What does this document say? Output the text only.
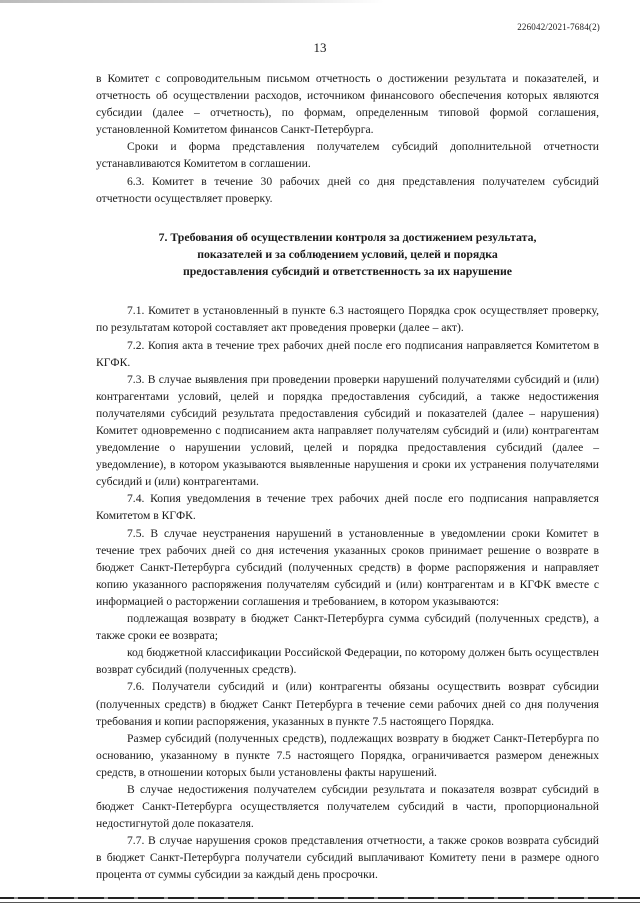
226042/2021-7684(2)
13

в Комитет с сопроводительным письмом отчетность о достижении результата и показателей, и отчетность об осуществлении расходов, источником финансового обеспечения которых являются субсидии (далее – отчетность), по формам, определенным типовой формой соглашения, установленной Комитетом финансов Санкт-Петербурга.

Сроки и форма представления получателем субсидий дополнительной отчетности устанавливаются Комитетом в соглашении.

6.3. Комитет в течение 30 рабочих дней со дня представления получателем субсидий отчетности осуществляет проверку.

7. Требования об осуществлении контроля за достижением результата,
показателей и за соблюдением условий, целей и порядка
предоставления субсидий и ответственность за их нарушение

7.1. Комитет в установленный в пункте 6.3 настоящего Порядка срок осуществляет проверку, по результатам которой составляет акт проведения проверки (далее – акт).

7.2. Копия акта в течение трех рабочих дней после его подписания направляется Комитетом в КГФК.

7.3. В случае выявления при проведении проверки нарушений получателями субсидий и (или) контрагентами условий, целей и порядка предоставления субсидий, а также недостижения получателями субсидий результата предоставления субсидий и показателей (далее – нарушения) Комитет одновременно с подписанием акта направляет получателям субсидий и (или) контрагентам уведомление о нарушении условий, целей и порядка предоставления субсидий (далее – уведомление), в котором указываются выявленные нарушения и сроки их устранения получателями субсидий и (или) контрагентами.

7.4. Копия уведомления в течение трех рабочих дней после его подписания направляется Комитетом в КГФК.

7.5. В случае неустранения нарушений в установленные в уведомлении сроки Комитет в течение трех рабочих дней со дня истечения указанных сроков принимает решение о возврате в бюджет Санкт-Петербурга субсидий (полученных средств) в форме распоряжения и направляет копию указанного распоряжения получателям субсидий и (или) контрагентам и в КГФК вместе с информацией о расторжении соглашения и требованием, в котором указываются:

подлежащая возврату в бюджет Санкт-Петербурга сумма субсидий (полученных средств), а также сроки ее возврата;

код бюджетной классификации Российской Федерации, по которому должен быть осуществлен возврат субсидий (полученных средств).

7.6. Получатели субсидий и (или) контрагенты обязаны осуществить возврат субсидии (полученных средств) в бюджет Санкт Петербурга в течение семи рабочих дней со дня получения требования и копии распоряжения, указанных в пункте 7.5 настоящего Порядка.

Размер субсидий (полученных средств), подлежащих возврату в бюджет Санкт-Петербурга по основанию, указанному в пункте 7.5 настоящего Порядка, ограничивается размером денежных средств, в отношении которых были установлены факты нарушений.

В случае недостижения получателем субсидии результата и показателя возврат субсидий в бюджет Санкт-Петербурга осуществляется получателем субсидий в части, пропорциональной недостигнутой доле показателя.

7.7. В случае нарушения сроков представления отчетности, а также сроков возврата субсидий в бюджет Санкт-Петербурга получатели субсидий выплачивают Комитету пени в размере одного процента от суммы субсидии за каждый день просрочки.
